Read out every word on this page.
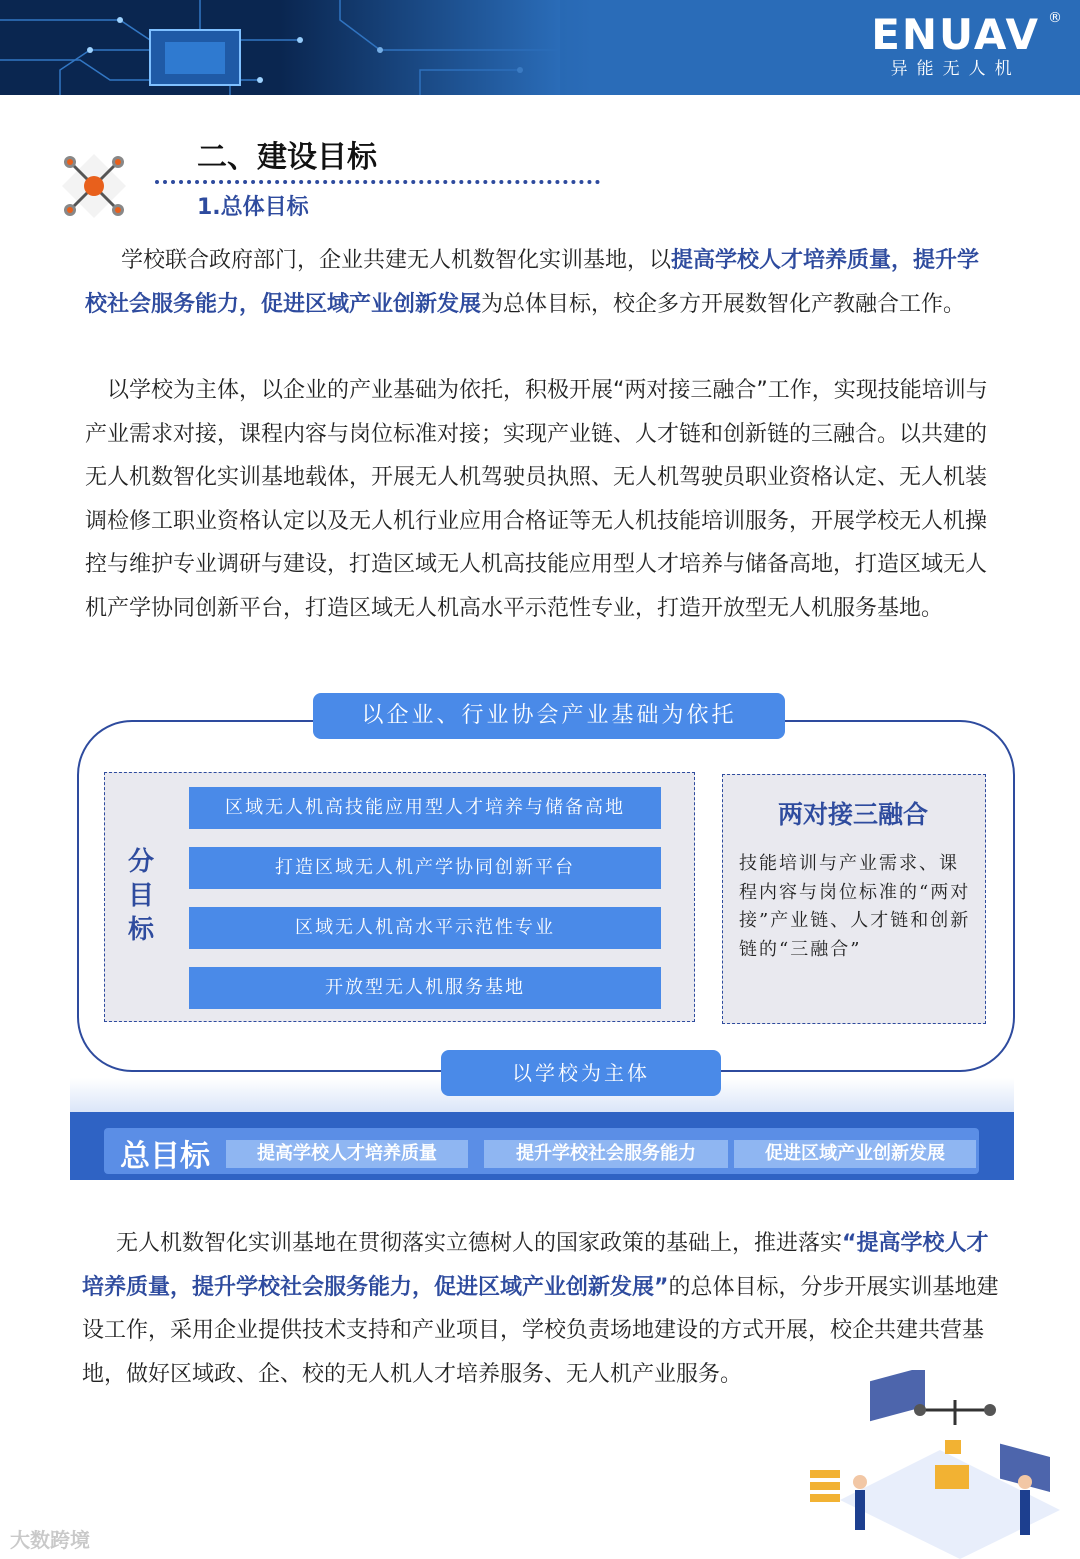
ENUAV
异能无人机
®
二、建设目标
1.总体目标
学校联合政府部门，企业共建无人机数智化实训基地，以提高学校人才培养质量，提升学校社会服务能力，促进区域产业创新发展为总体目标，校企多方开展数智化产教融合工作。
以学校为主体，以企业的产业基础为依托，积极开展“两对接三融合”工作，实现技能培训与产业需求对接，课程内容与岗位标准对接；实现产业链、人才链和创新链的三融合。以共建的无人机数智化实训基地载体，开展无人机驾驶员执照、无人机驾驶员职业资格认定、无人机装调检修工职业资格认定以及无人机行业应用合格证等无人机技能培训服务，开展学校无人机操控与维护专业调研与建设，打造区域无人机高技能应用型人才培养与储备高地，打造区域无人机产学协同创新平台，打造区域无人机高水平示范性专业，打造开放型无人机服务基地。
以企业、行业协会产业基础为依托
分目标
区域无人机高技能应用型人才培养与储备高地
打造区域无人机产学协同创新平台
区域无人机高水平示范性专业
开放型无人机服务基地
两对接三融合
技能培训与产业需求、课程内容与岗位标准的“两对接”产业链、人才链和创新链的“三融合”
以学校为主体
总目标	提高学校人才培养质量	提升学校社会服务能力	促进区域产业创新发展
无人机数智化实训基地在贯彻落实立德树人的国家政策的基础上，推进落实“提高学校人才培养质量，提升学校社会服务能力，促进区域产业创新发展”的总体目标，分步开展实训基地建设工作，采用企业提供技术支持和产业项目，学校负责场地建设的方式开展，校企共建共营基地，做好区域政、企、校的无人机人才培养服务、无人机产业服务。
大数跨境
